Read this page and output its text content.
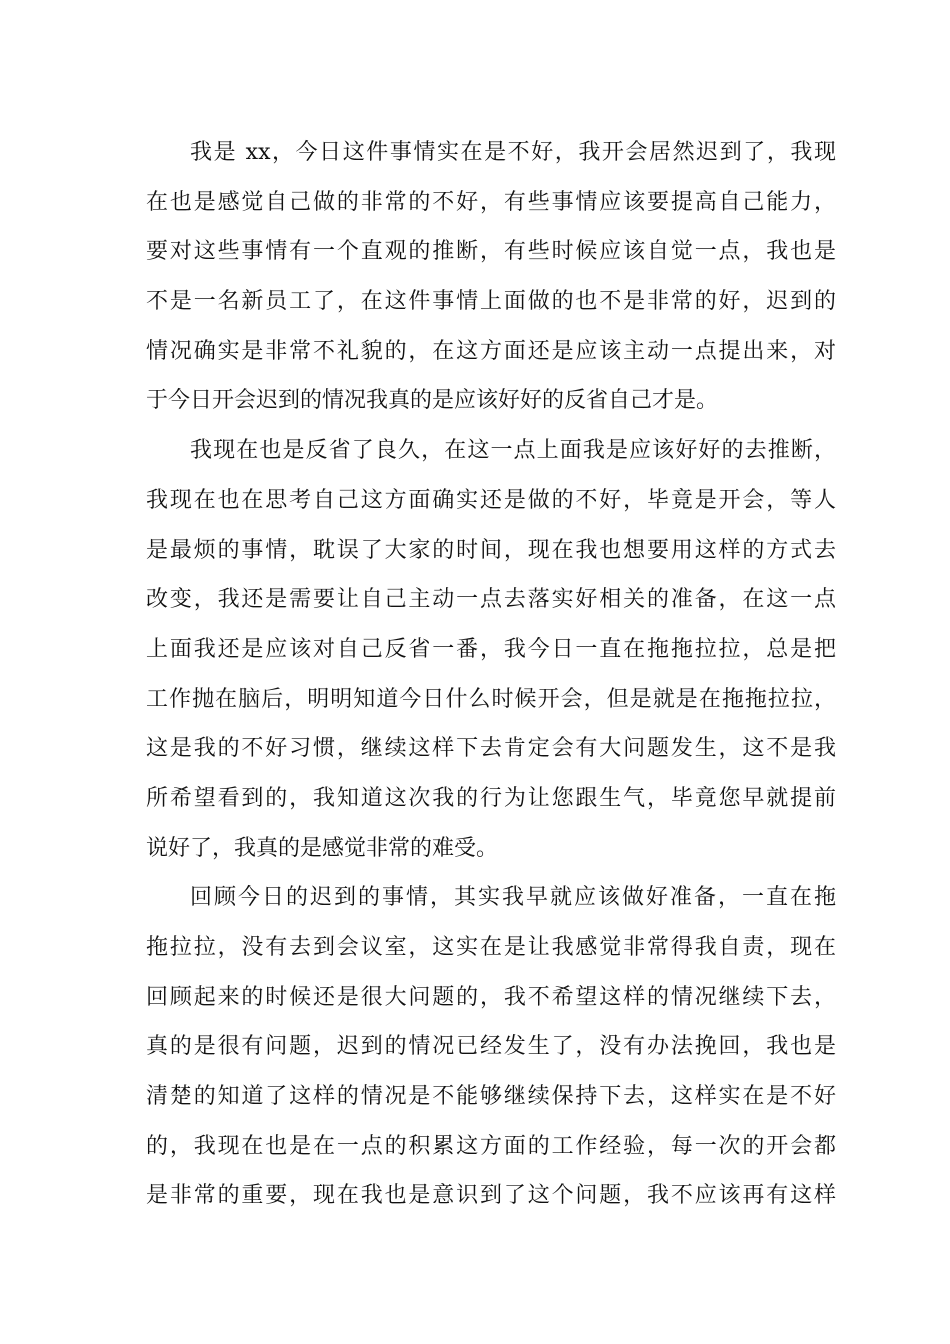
我是 xx，今日这件事情实在是不好，我开会居然迟到了，我现
在也是感觉自己做的非常的不好，有些事情应该要提高自己能力，
要对这些事情有一个直观的推断，有些时候应该自觉一点，我也是
不是一名新员工了，在这件事情上面做的也不是非常的好，迟到的
情况确实是非常不礼貌的，在这方面还是应该主动一点提出来，对
于今日开会迟到的情况我真的是应该好好的反省自己才是。
我现在也是反省了良久，在这一点上面我是应该好好的去推断，
我现在也在思考自己这方面确实还是做的不好，毕竟是开会，等人
是最烦的事情，耽误了大家的时间，现在我也想要用这样的方式去
改变，我还是需要让自己主动一点去落实好相关的准备，在这一点
上面我还是应该对自己反省一番，我今日一直在拖拖拉拉，总是把
工作抛在脑后，明明知道今日什么时候开会，但是就是在拖拖拉拉，
这是我的不好习惯，继续这样下去肯定会有大问题发生，这不是我
所希望看到的，我知道这次我的行为让您跟生气，毕竟您早就提前
说好了，我真的是感觉非常的难受。
回顾今日的迟到的事情，其实我早就应该做好准备，一直在拖
拖拉拉，没有去到会议室，这实在是让我感觉非常得我自责，现在
回顾起来的时候还是很大问题的，我不希望这样的情况继续下去，
真的是很有问题，迟到的情况已经发生了，没有办法挽回，我也是
清楚的知道了这样的情况是不能够继续保持下去，这样实在是不好
的，我现在也是在一点的积累这方面的工作经验，每一次的开会都
是非常的重要，现在我也是意识到了这个问题，我不应该再有这样
